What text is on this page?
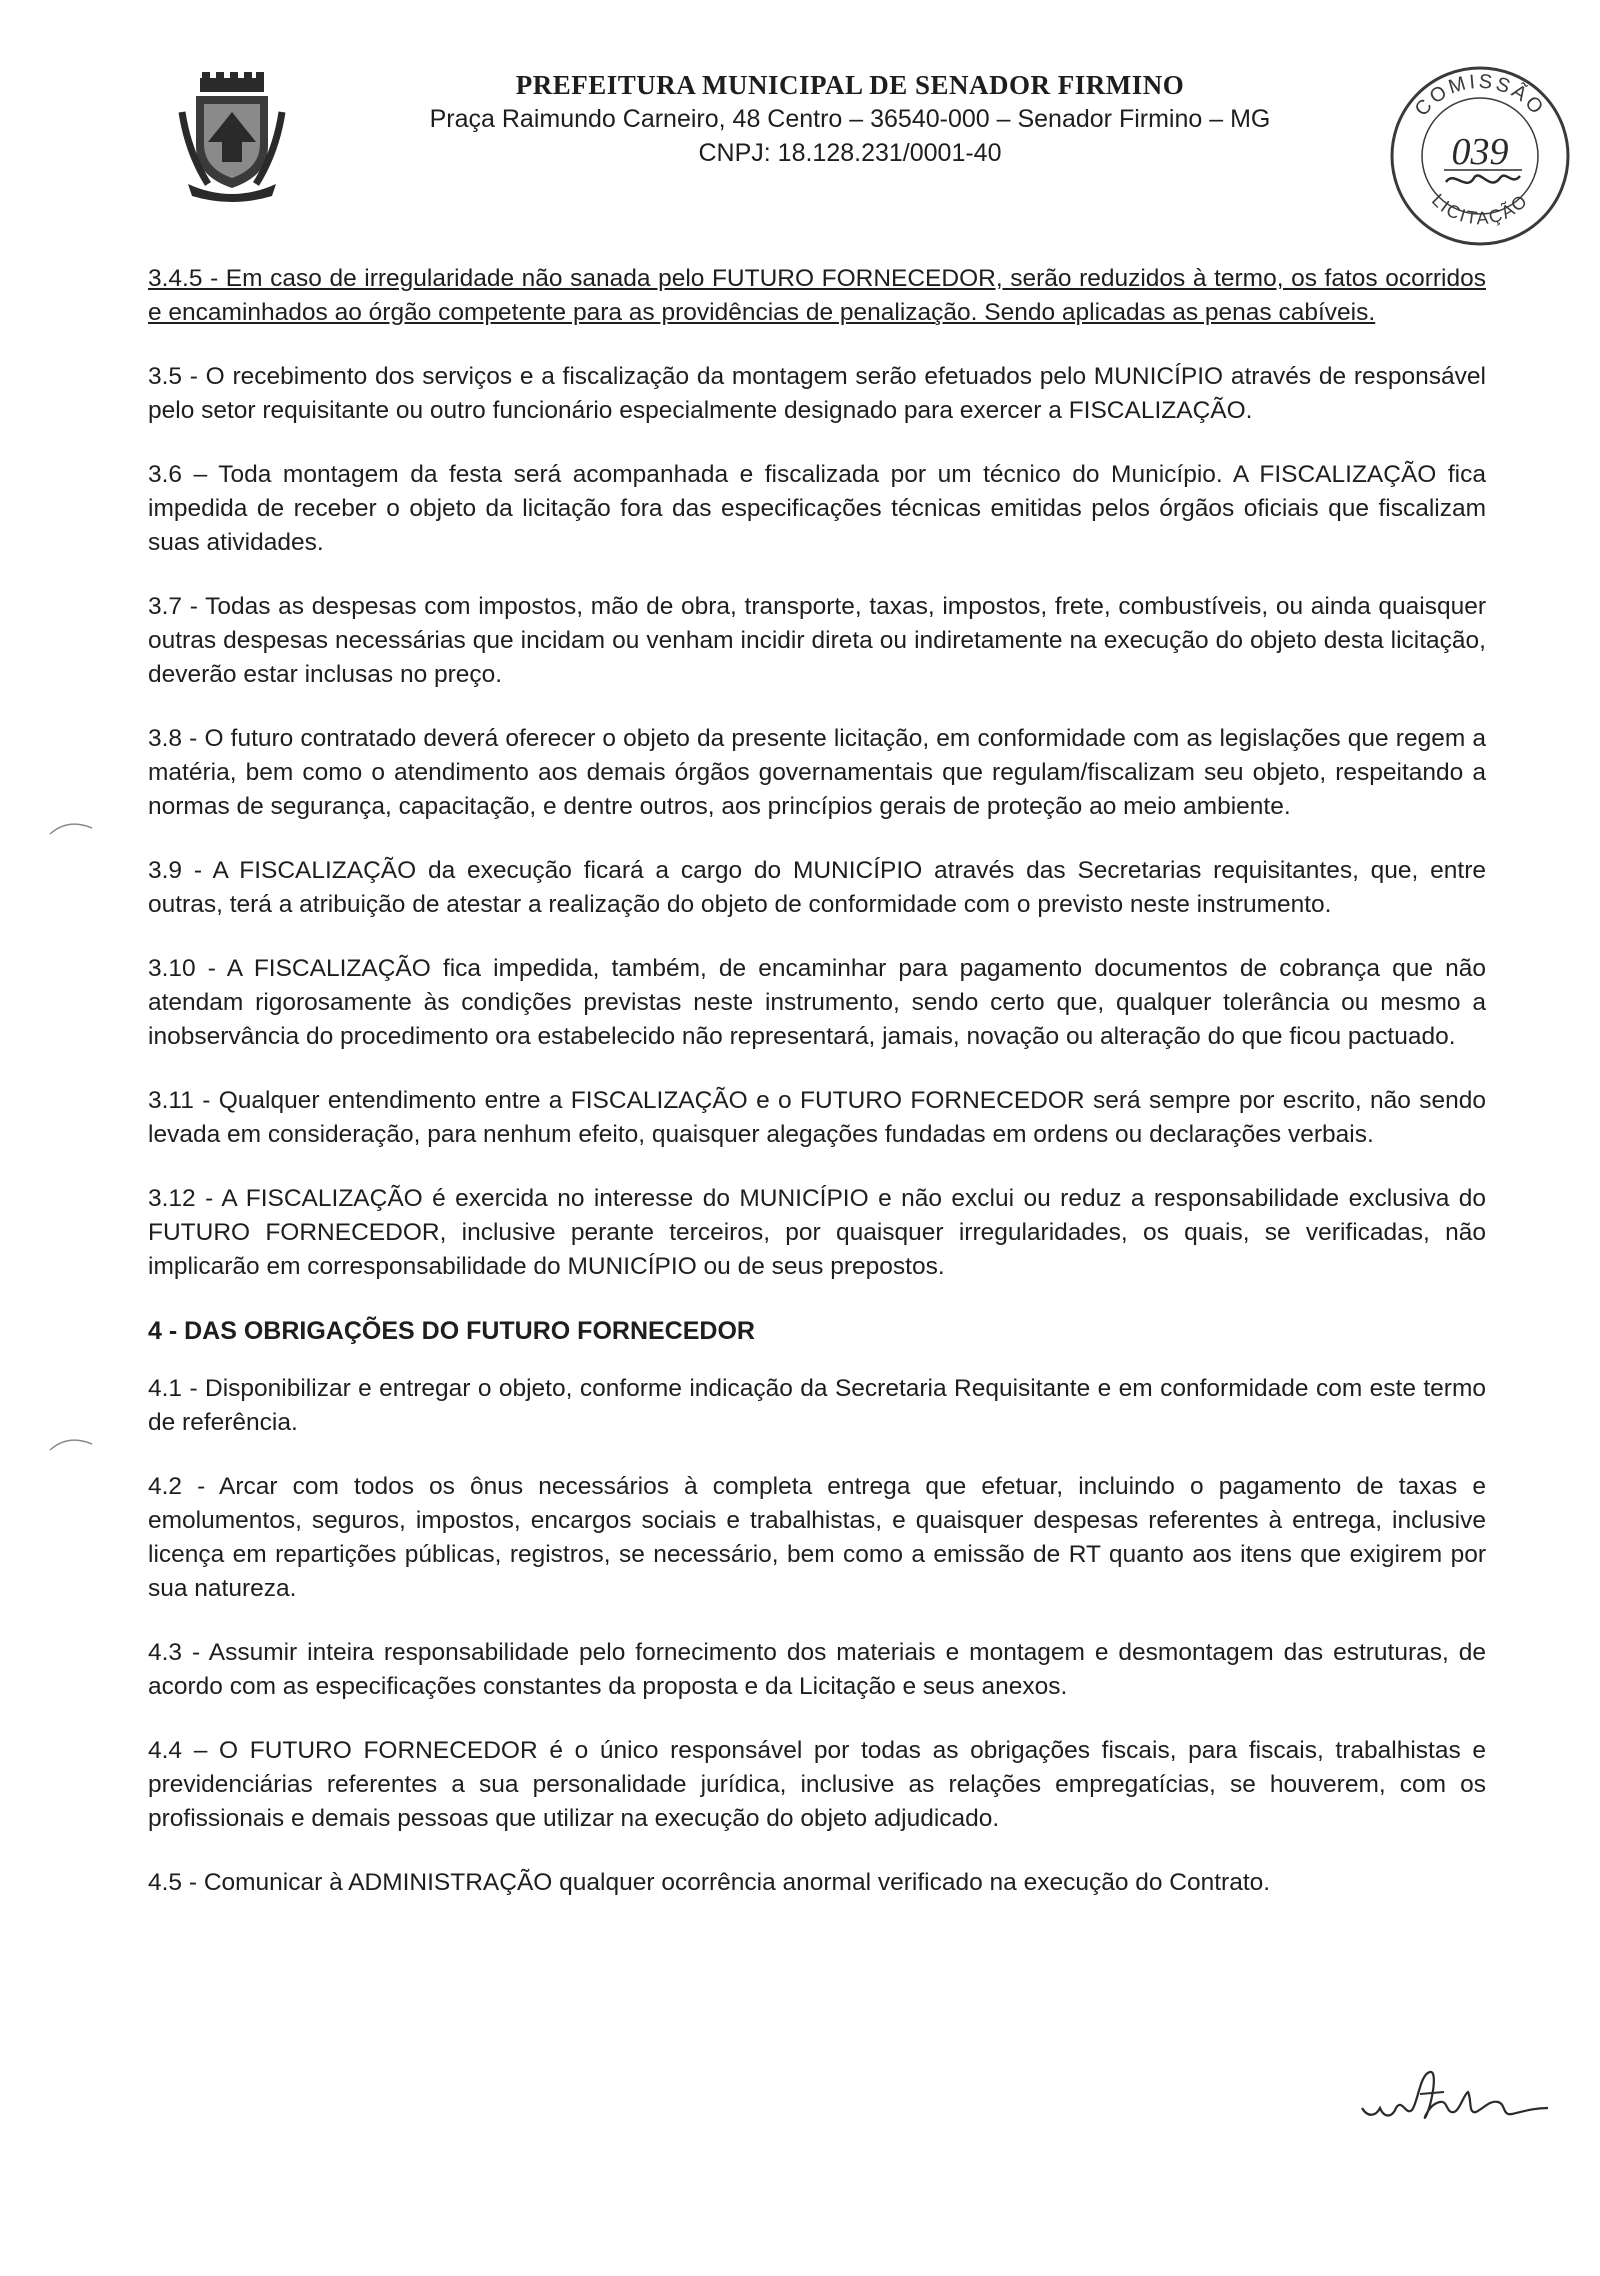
PREFEITURA MUNICIPAL DE SENADOR FIRMINO
Praça Raimundo Carneiro, 48 Centro – 36540-000 – Senador Firmino – MG
CNPJ: 18.128.231/0001-40
COMISSÃO
LICITAÇÃO
039

3.4.5 - Em caso de irregularidade não sanada pelo FUTURO FORNECEDOR, serão reduzidos à termo, os fatos ocorridos e encaminhados ao órgão competente para as providências de penalização. Sendo aplicadas as penas cabíveis.

3.5 - O recebimento dos serviços e a fiscalização da montagem serão efetuados pelo MUNICÍPIO através de responsável pelo setor requisitante ou outro funcionário especialmente designado para exercer a FISCALIZAÇÃO.

3.6 – Toda montagem da festa será acompanhada e fiscalizada por um técnico do Município. A FISCALIZAÇÃO fica impedida de receber o objeto da licitação fora das especificações técnicas emitidas pelos órgãos oficiais que fiscalizam suas atividades.

3.7 - Todas as despesas com impostos, mão de obra, transporte, taxas, impostos, frete, combustíveis, ou ainda quaisquer outras despesas necessárias que incidam ou venham incidir direta ou indiretamente na execução do objeto desta licitação, deverão estar inclusas no preço.

3.8 - O futuro contratado deverá oferecer o objeto da presente licitação, em conformidade com as legislações que regem a matéria, bem como o atendimento aos demais órgãos governamentais que regulam/fiscalizam seu objeto, respeitando a normas de segurança, capacitação, e dentre outros, aos princípios gerais de proteção ao meio ambiente.

3.9 - A FISCALIZAÇÃO da execução ficará a cargo do MUNICÍPIO através das Secretarias requisitantes, que, entre outras, terá a atribuição de atestar a realização do objeto de conformidade com o previsto neste instrumento.

3.10 - A FISCALIZAÇÃO fica impedida, também, de encaminhar para pagamento documentos de cobrança que não atendam rigorosamente às condições previstas neste instrumento, sendo certo que, qualquer tolerância ou mesmo a inobservância do procedimento ora estabelecido não representará, jamais, novação ou alteração do que ficou pactuado.

3.11 - Qualquer entendimento entre a FISCALIZAÇÃO e o FUTURO FORNECEDOR será sempre por escrito, não sendo levada em consideração, para nenhum efeito, quaisquer alegações fundadas em ordens ou declarações verbais.

3.12 - A FISCALIZAÇÃO é exercida no interesse do MUNICÍPIO e não exclui ou reduz a responsabilidade exclusiva do FUTURO FORNECEDOR, inclusive perante terceiros, por quaisquer irregularidades, os quais, se verificadas, não implicarão em corresponsabilidade do MUNICÍPIO ou de seus prepostos.

4 - DAS OBRIGAÇÕES DO FUTURO FORNECEDOR

4.1 - Disponibilizar e entregar o objeto, conforme indicação da Secretaria Requisitante e em conformidade com este termo de referência.

4.2 - Arcar com todos os ônus necessários à completa entrega que efetuar, incluindo o pagamento de taxas e emolumentos, seguros, impostos, encargos sociais e trabalhistas, e quaisquer despesas referentes à entrega, inclusive licença em repartições públicas, registros, se necessário, bem como a emissão de RT quanto aos itens que exigirem por sua natureza.

4.3 - Assumir inteira responsabilidade pelo fornecimento dos materiais e montagem e desmontagem das estruturas, de acordo com as especificações constantes da proposta e da Licitação e seus anexos.

4.4 – O FUTURO FORNECEDOR é o único responsável por todas as obrigações fiscais, para fiscais, trabalhistas e previdenciárias referentes a sua personalidade jurídica, inclusive as relações empregatícias, se houverem, com os profissionais e demais pessoas que utilizar na execução do objeto adjudicado.

4.5 - Comunicar à ADMINISTRAÇÃO qualquer ocorrência anormal verificado na execução do Contrato.
